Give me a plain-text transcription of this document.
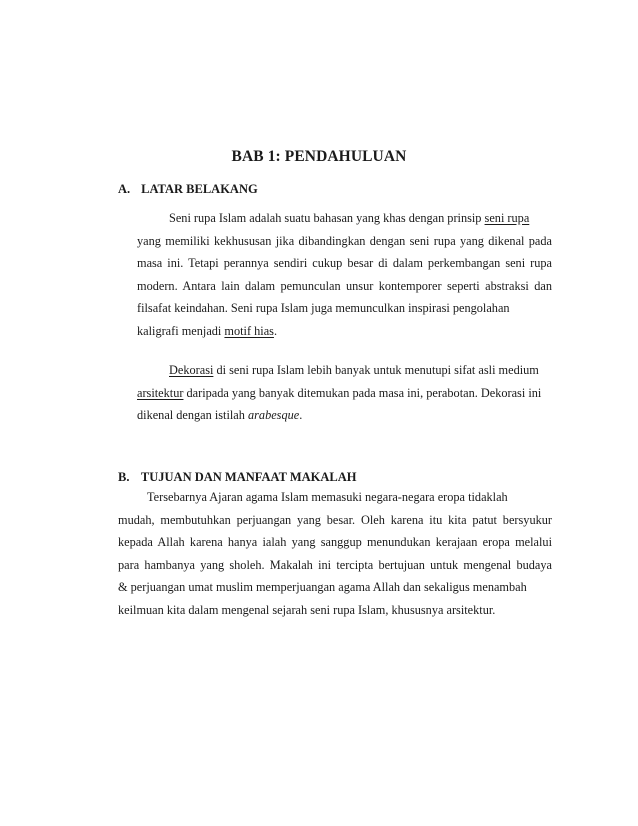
BAB 1: PENDAHULUAN
A. LATAR BELAKANG
Seni rupa Islam adalah suatu bahasan yang khas dengan prinsip seni rupa
yang memiliki kekhususan jika dibandingkan dengan seni rupa yang dikenal pada
masa ini. Tetapi perannya sendiri cukup besar di dalam perkembangan seni rupa
modern. Antara lain dalam pemunculan unsur kontemporer seperti abstraksi dan
filsafat keindahan. Seni rupa Islam juga memunculkan inspirasi pengolahan
kaligrafi menjadi motif hias.
Dekorasi di seni rupa Islam lebih banyak untuk menutupi sifat asli medium
arsitektur daripada yang banyak ditemukan pada masa ini, perabotan. Dekorasi ini
dikenal dengan istilah arabesque.
B. TUJUAN DAN MANFAAT MAKALAH
Tersebarnya Ajaran agama Islam memasuki negara-negara eropa tidaklah
mudah, membutuhkan perjuangan yang besar. Oleh karena itu kita patut bersyukur
kepada Allah karena hanya ialah yang sanggup menundukan kerajaan eropa melalui
para hambanya yang sholeh. Makalah ini tercipta bertujuan untuk mengenal budaya
& perjuangan umat muslim memperjuangan agama Allah dan sekaligus menambah
keilmuan kita dalam mengenal sejarah seni rupa Islam, khususnya arsitektur.
